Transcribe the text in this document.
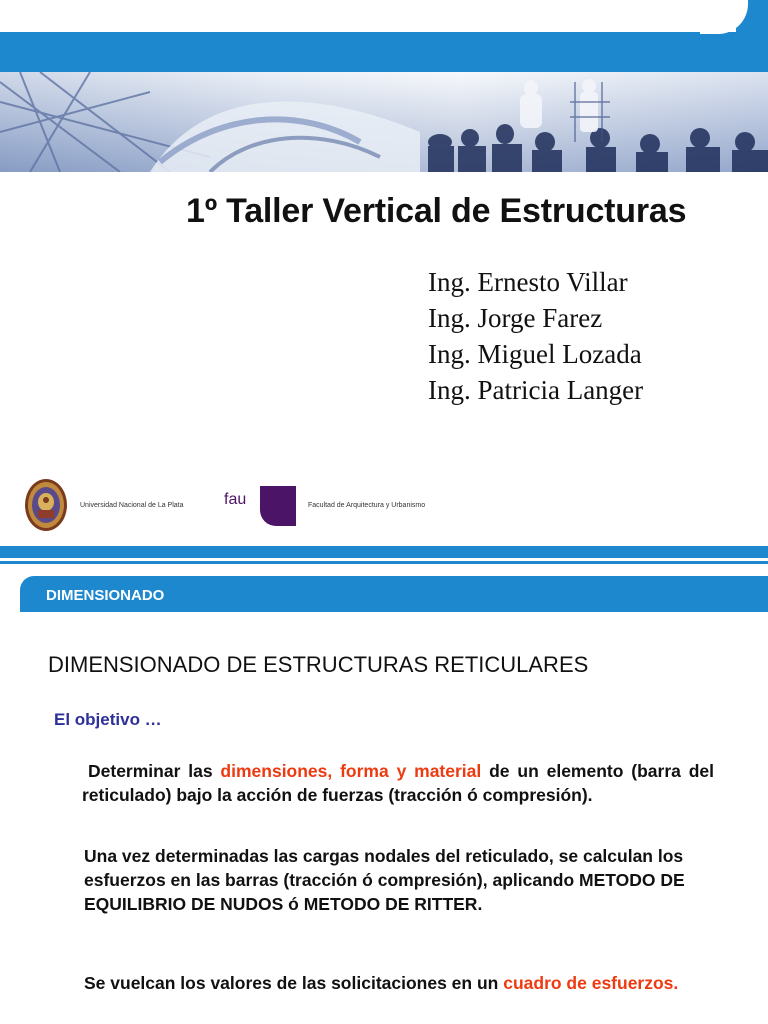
1º Taller Vertical de Estructuras
Ing. Ernesto Villar
Ing. Jorge Farez
Ing. Miguel Lozada
Ing. Patricia Langer
Universidad Nacional de La Plata	fau	Facultad de Arquitectura y Urbanismo
DIMENSIONADO
DIMENSIONADO DE ESTRUCTURAS RETICULARES
El objetivo …
Determinar las dimensiones, forma y material de un elemento (barra del reticulado) bajo la acción de fuerzas (tracción ó compresión).
Una vez determinadas las cargas nodales del reticulado, se calculan los esfuerzos en las barras (tracción ó compresión), aplicando METODO DE EQUILIBRIO DE NUDOS ó METODO DE RITTER.
Se vuelcan los valores de las solicitaciones en un cuadro de esfuerzos.
